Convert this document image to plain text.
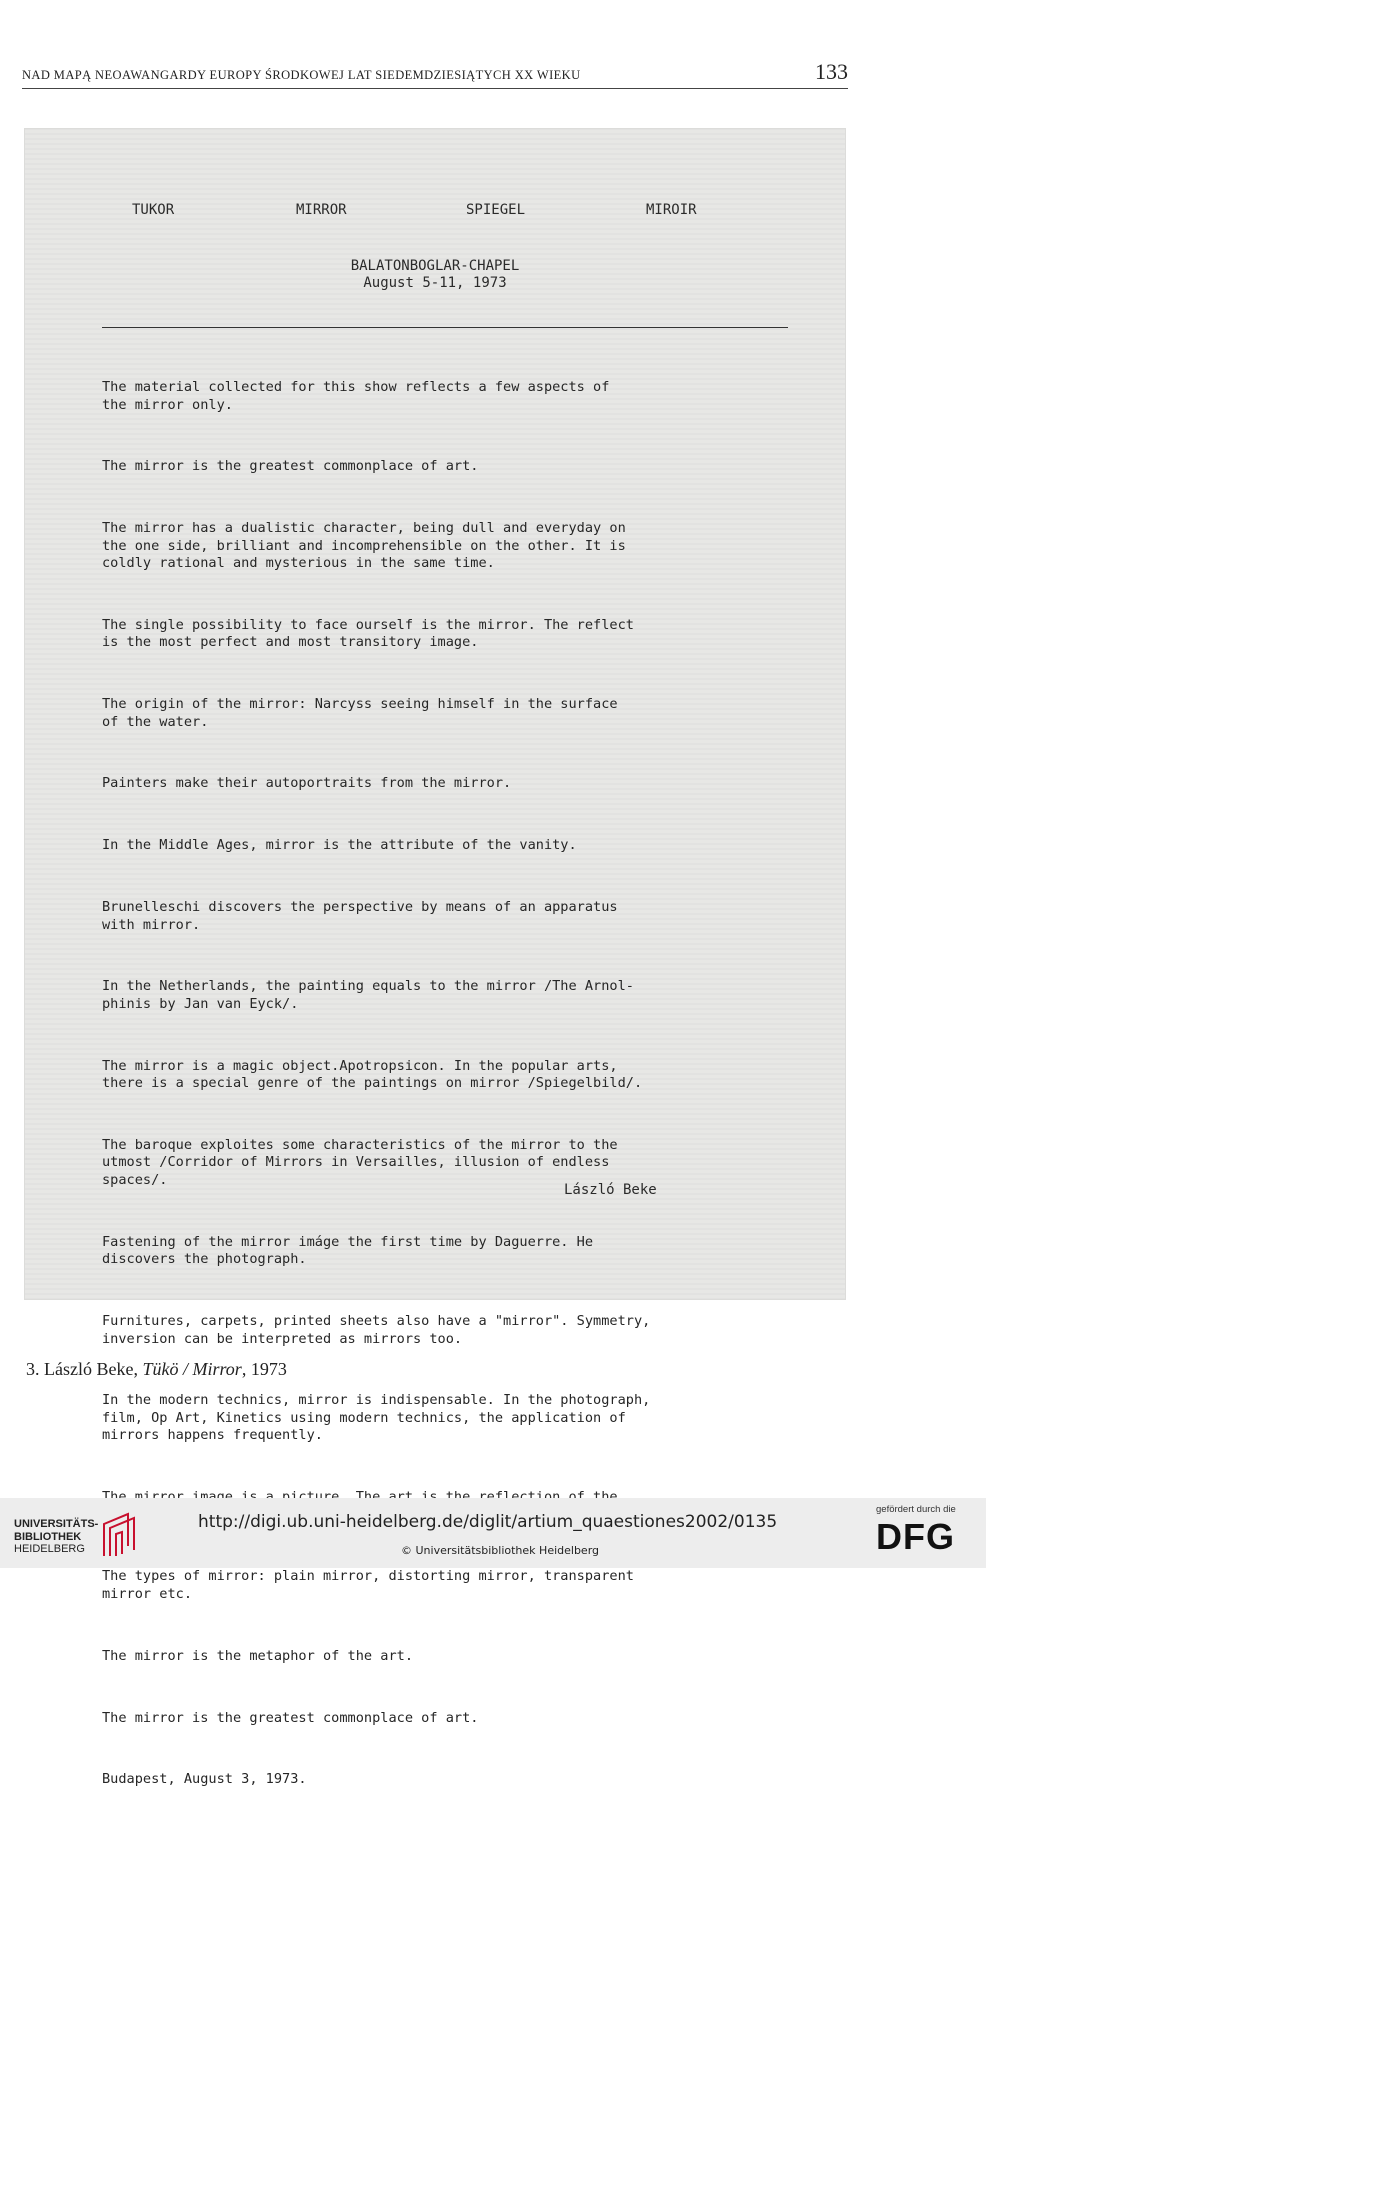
NAD MAPĄ NEOAWANGARDY EUROPY ŚRODKOWEJ LAT SIEDEMDZIESIĄTYCH XX WIEKU	133
TUKOR	MIRROR	SPIEGEL	MIROIR
BALATONBOGLAR-CHAPEL
August 5-11, 1973

The material collected for this show reflects a few aspects of
the mirror only.

The mirror is the greatest commonplace of art.

The mirror has a dualistic character, being dull and everyday on
the one side, brilliant and incomprehensible on the other. It is
coldly rational and mysterious in the same time.

The single possibility to face ourself is the mirror. The reflect
is the most perfect and most transitory image.

The origin of the mirror: Narcyss seeing himself in the surface
of the water.

Painters make their autoportraits from the mirror.

In the Middle Ages, mirror is the attribute of the vanity.

Brunelleschi discovers the perspective by means of an apparatus
with mirror.

In the Netherlands, the painting equals to the mirror /The Arnol-
phinis by Jan van Eyck/.

The mirror is a magic object.Apotropsicon. In the popular arts,
there is a special genre of the paintings on mirror /Spiegelbild/.

The baroque exploites some characteristics of the mirror to the
utmost /Corridor of Mirrors in Versailles, illusion of endless
spaces/.

Fastening of the mirror imáge the first time by Daguerre. He
discovers the photograph.

Furnitures, carpets, printed sheets also have a "mirror". Symmetry,
inversion can be interpreted as mirrors too.

In the modern technics, mirror is indispensable. In the photograph,
film, Op Art, Kinetics using modern technics, the application of
mirrors happens frequently.

The types of mirror: plain mirror, distorting mirror, transparent
mirror etc.

The mirror is the metaphor of the art.

The mirror is the greatest commonplace of art.

Budapest, August 3, 1973.

László Beke
3. László Beke, Tükö / Mirror, 1973
UNIVERSITÄTS-
BIBLIOTHEK
HEIDELBERG
http://digi.ub.uni-heidelberg.de/diglit/artium_quaestiones2002/0135
© Universitätsbibliothek Heidelberg
gefördert durch die
DFG
